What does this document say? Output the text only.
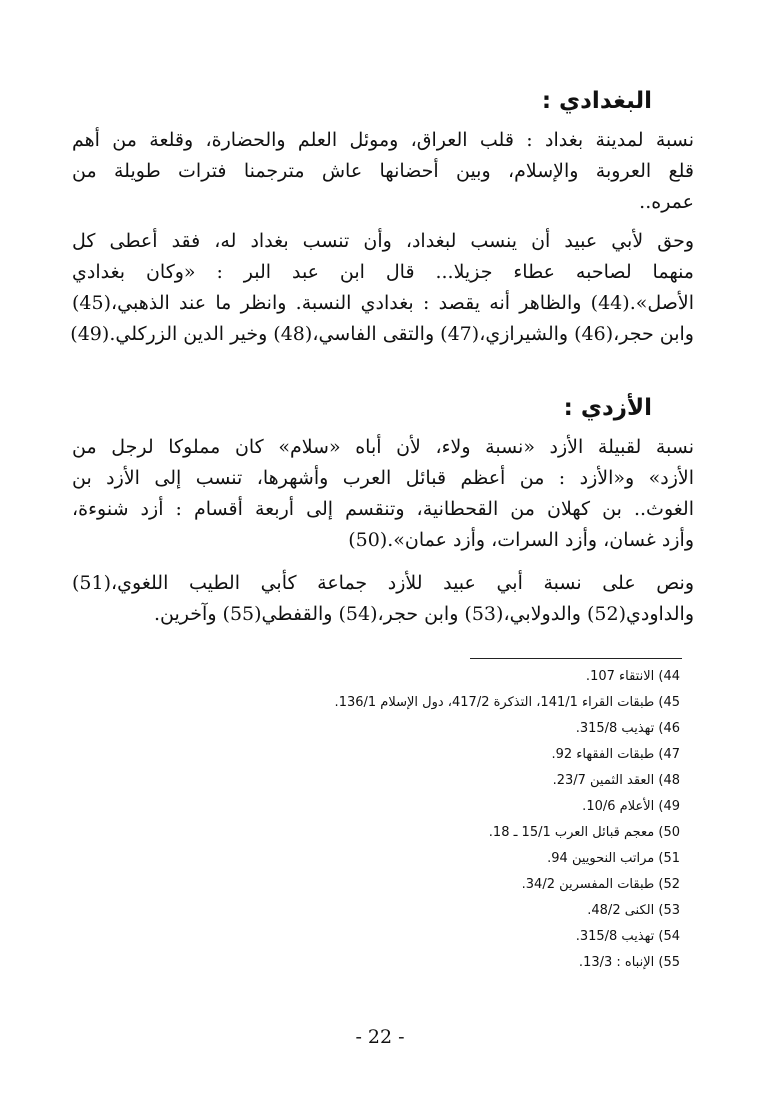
البغدادي :
نسبة لمدينة بغداد : قلب العراق، وموئل العلم والحضارة، وقلعة من أهم
قلع العروبة والإسلام، وبين أحضانها عاش مترجمنا فترات طويلة من
عمره..
وحق لأبي عبيد أن ينسب لبغداد، وأن تنسب بغداد له، فقد أعطى كل
منهما لصاحبه عطاء جزيلا... قال ابن عبد البر : «وكان بغدادي
الأصل».(44) والظاهر أنه يقصد : بغدادي النسبة. وانظر ما عند الذهبي،(45)
وابن حجر،(46) والشيرازي،(47) والتقى الفاسي،(48) وخير الدين الزركلي.(49)
الأزدي :
نسبة لقبيلة الأزد «نسبة ولاء، لأن أباه «سلام» كان مملوكا لرجل من
الأزد» و«الأزد : من أعظم قبائل العرب وأشهرها، تنسب إلى الأزد بن
الغوث.. بن كهلان من القحطانية، وتنقسم إلى أربعة أقسام : أزد شنوءة،
وأزد غسان، وأزد السرات، وأزد عمان».(50)
ونص على نسبة أبي عبيد للأزد جماعة كأبي الطيب اللغوي،(51)
والداودي(52) والدولابي،(53) وابن حجر،(54) والقفطي(55) وآخرين.
44) الانتقاء 107.
45) طبقات القراء 141/1، التذكرة 417/2، دول الإسلام 136/1.
46) تهذيب 315/8.
47) طبقات الفقهاء 92.
48) العقد الثمين 23/7.
49) الأعلام 10/6.
50) معجم قبائل العرب 15/1 ـ 18.
51) مراتب النحويين 94.
52) طبقات المفسرين 34/2.
53) الكنى 48/2.
54) تهذيب 315/8.
55) الإنباه : 13/3.
- 22 -
